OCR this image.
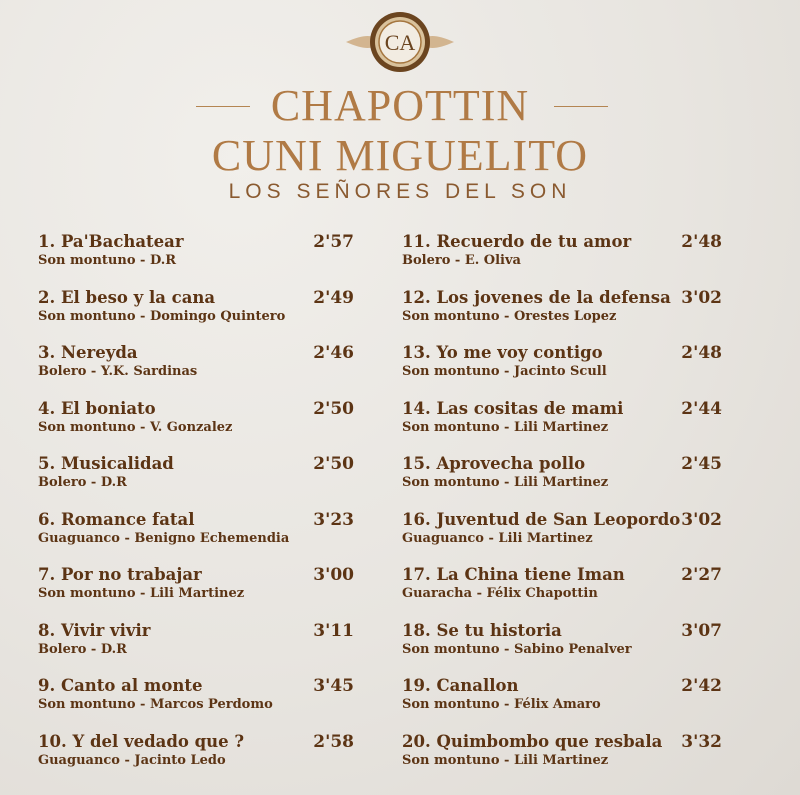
CA
CHAPOTTIN
CUNI MIGUELITO
LOS SEÑORES DEL SON
1. Pa'Bachatear	2'57
Son montuno - D.R
2. El beso y la cana	2'49
Son montuno - Domingo Quintero
3. Nereyda	2'46
Bolero - Y.K. Sardinas
4. El boniato	2'50
Son montuno - V. Gonzalez
5. Musicalidad	2'50
Bolero - D.R
6. Romance fatal	3'23
Guaguanco - Benigno Echemendia
7. Por no trabajar	3'00
Son montuno - Lili Martinez
8. Vivir vivir	3'11
Bolero - D.R
9. Canto al monte	3'45
Son montuno - Marcos Perdomo
10. Y del vedado que ?	2'58
Guaguanco - Jacinto Ledo
11. Recuerdo de tu amor	2'48
Bolero - E. Oliva
12. Los jovenes de la defensa 3'02
Son montuno - Orestes Lopez
13. Yo me voy contigo	2'48
Son montuno - Jacinto Scull
14. Las cositas de mami	2'44
Son montuno - Lili Martinez
15. Aprovecha pollo	2'45
Son montuno - Lili Martinez
16. Juventud de San Leopordo 3'02
Guaguanco - Lili Martinez
17. La China tiene Iman	2'27
Guaracha - Félix Chapottin
18. Se tu historia	3'07
Son montuno - Sabino Penalver
19. Canallon	2'42
Son montuno - Félix Amaro
20. Quimbombo que resbala	3'32
Son montuno - Lili Martinez
